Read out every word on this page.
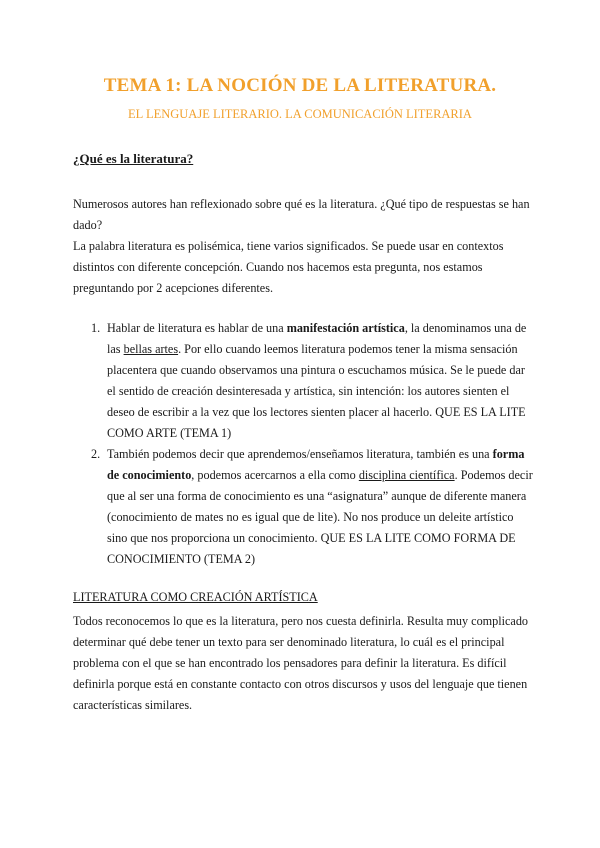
TEMA 1: LA NOCIÓN DE LA LITERATURA.
EL LENGUAJE LITERARIO. LA COMUNICACIÓN LITERARIA
¿Qué es la literatura?

Numerosos autores han reflexionado sobre qué es la literatura. ¿Qué tipo de respuestas se han dado?

La palabra literatura es polisémica, tiene varios significados. Se puede usar en contextos distintos con diferente concepción. Cuando nos hacemos esta pregunta, nos estamos preguntando por 2 acepciones diferentes.

1. Hablar de literatura es hablar de una manifestación artística, la denominamos una de las bellas artes. Por ello cuando leemos literatura podemos tener la misma sensación placentera que cuando observamos una pintura o escuchamos música. Se le puede dar el sentido de creación desinteresada y artística, sin intención: los autores sienten el deseo de escribir a la vez que los lectores sienten placer al hacerlo. QUE ES LA LITE COMO ARTE (TEMA 1)
2. También podemos decir que aprendemos/enseñamos literatura, también es una forma de conocimiento, podemos acercarnos a ella como disciplina científica. Podemos decir que al ser una forma de conocimiento es una “asignatura” aunque de diferente manera (conocimiento de mates no es igual que de lite). No nos produce un deleite artístico sino que nos proporciona un conocimiento. QUE ES LA LITE COMO FORMA DE CONOCIMIENTO (TEMA 2)
LITERATURA COMO CREACIÓN ARTÍSTICA

Todos reconocemos lo que es la literatura, pero nos cuesta definirla. Resulta muy complicado determinar qué debe tener un texto para ser denominado literatura, lo cuál es el principal problema con el que se han encontrado los pensadores para definir la literatura. Es difícil definirla porque está en constante contacto con otros discursos y usos del lenguaje que tienen características similares.
